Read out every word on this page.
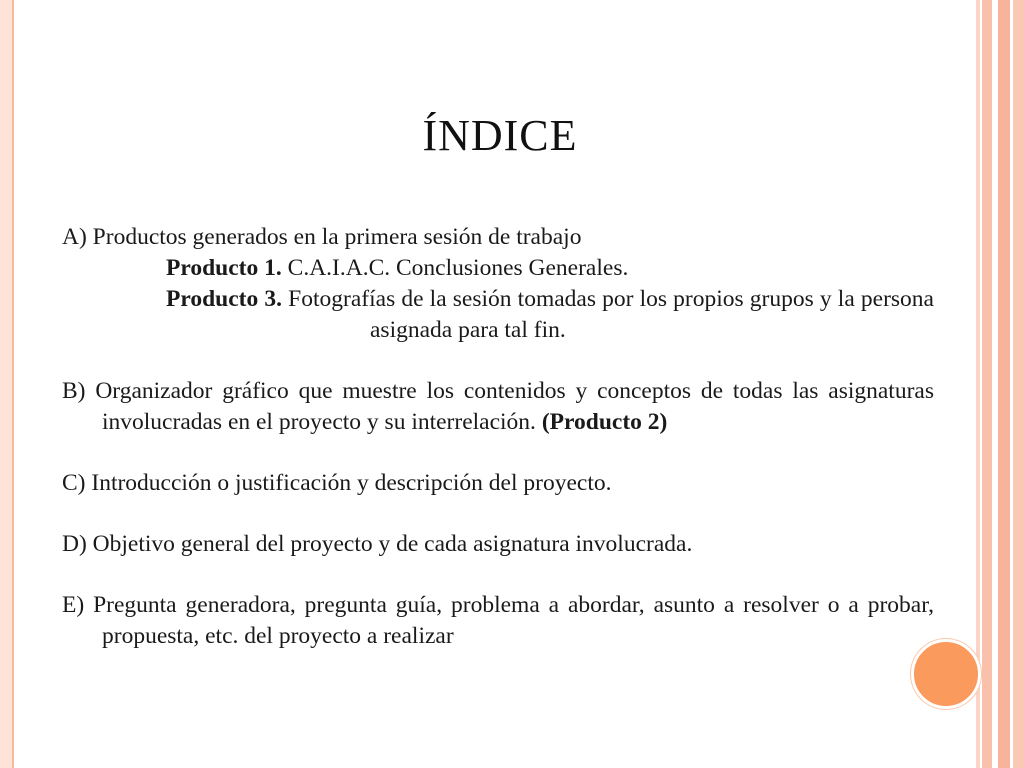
ÍNDICE

A) Productos generados en la primera sesión de trabajo

Producto 1. C.A.I.A.C. Conclusiones Generales.

Producto 3. Fotografías de la sesión tomadas por los propios grupos y la persona asignada para tal fin.

B) Organizador gráfico que muestre los contenidos y conceptos de todas las asignaturas involucradas en el proyecto y su interrelación. (Producto 2)

C) Introducción o justificación y descripción del proyecto.

D) Objetivo general del proyecto y de cada asignatura involucrada.

E) Pregunta generadora, pregunta guía, problema a abordar, asunto a resolver o a probar, propuesta, etc. del proyecto a realizar
